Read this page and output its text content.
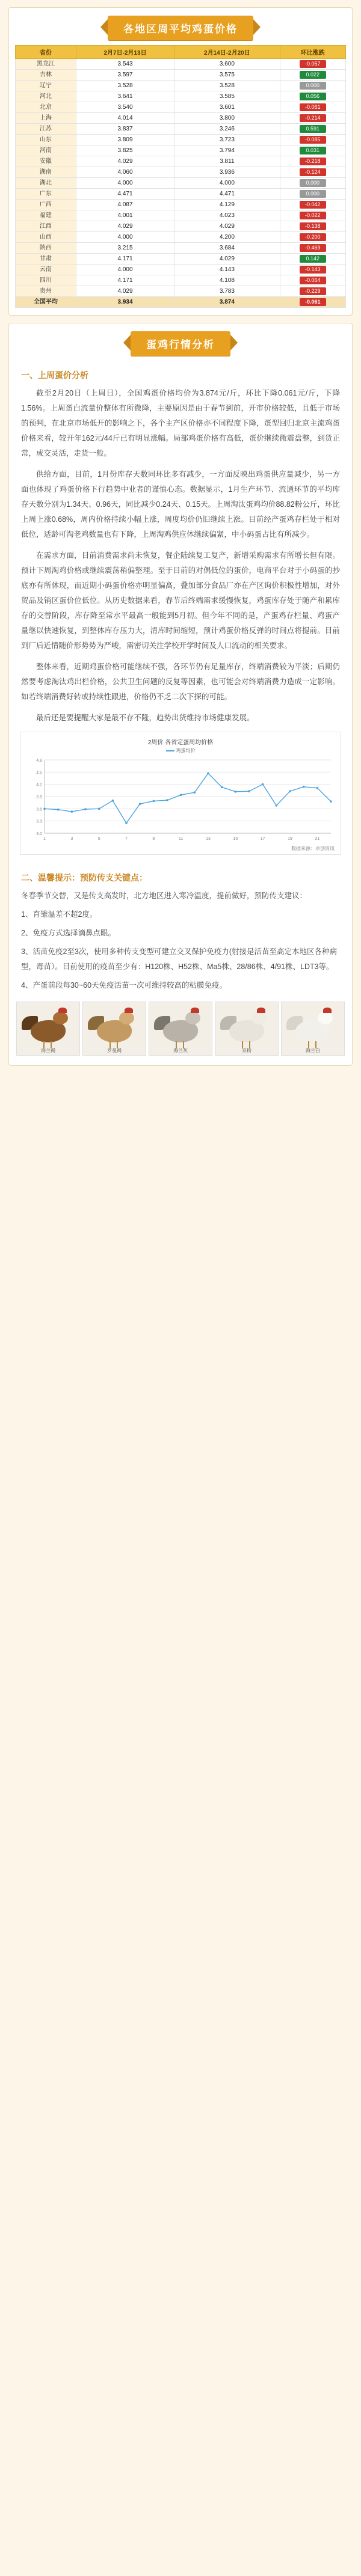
各地区周平均鸡蛋价格
省份	2月7日-2月13日	2月14日-2月20日	环比涨跌
黑龙江	3.543	3.600	-0.057
吉林	3.597	3.575	0.022
辽宁	3.528	3.528	0.000
河北	3.641	3.585	0.056
北京	3.540	3.601	-0.061
上海	4.014	3.800	-0.214
江苏	3.837	3.246	0.591
山东	3.809	3.723	-0.085
河南	3.825	3.794	0.031
安徽	4.029	3.811	-0.218
湖南	4.060	3.936	-0.124
湖北	4.000	4.000	0.000
广东	4.471	4.471	0.000
广西	4.087	4.129	-0.042
福建	4.001	4.023	-0.022
江西	4.029	4.029	-0.138
山西	4.000	4.200	-0.200
陕西	3.215	3.684	-0.469
甘肃	4.171	4.029	0.142
云南	4.000	4.143	-0.143
四川	4.171	4.108	-0.064
贵州	4.029	3.783	-0.229
全国平均	3.934	3.874	-0.061
蛋鸡行情分析
一、上周蛋价分析

截至2月20日（上周日），全国鸡蛋价格均价为3.874元/斤，环比下降0.061元/斤，下降1.56%。上周蛋白流量价整体有所微降，主要原因是由于春节到前，开市价格较低，且低于市场的预判，在北京市场低开的影响之下，各个主产区价格亦不同程度下降，蛋型回归北京主流鸡蛋价格来看，较开年162元/44斤已有明显涨幅。局部鸡蛋价格有高低，蛋价继续微震盘整，到货正常，成交灵活，走货一般。

供给方面，目前，1月份库存天数同环比多有减少，一方面反映出鸡蛋供应量减少，另一方面也体现了鸡蛋价格下行趋势中业者的谨慎心态。数据显示，1月生产环节、流通环节的平均库存天数分别为1.34天、0.96天，同比减少0.24天、0.15天。上周淘汰蛋鸡均价88.82粉公斤，环比上周上涨0.68%，周内价格持续小幅上涨，周度均价仍旧继续上涨。目前经产蛋鸡存栏处于相对低位，适龄可淘老鸡数量也有下降，上周淘鸡供应体继续偏紧，中小码蛋占比有所减少。

在需求方面，目前消费需求尚未恢复，餐企陆续复工复产，新增采购需求有所增长但有限。预计下周淘鸡价格或继续震荡稍偏整理。至于目前的对偶低位的蛋价，电商平台对于小码蛋的抄底亦有所休现，而近期小码蛋价格亦明显偏高，叠加部分食品厂亦在产区询价积极性增加，对外贸品及销区蛋价位低位。从历史数据来看，春节后终端需求缓慢恢复，鸡蛋库存处于随产和累库存的交替阶段，库存降至常水平最高一般能到5月初。但今年不同的是，产蛋鸡存栏量、鸡蛋产量继以快速恢复，到整体库存压力大，清库时间缩短，预计鸡蛋价格反弹的时间点将提前。目前到厂后近情随价形势势为严峻，需密切关注学校开学时间及人口流动的相关要求。

整体来看，近期鸡蛋价格可能继续不强，各环节仍有足量库存，终端消费较为平淡；后期仍然要考虑淘汰鸡出栏价格，公共卫生问题的反复等因素，也可能会对终端消费力造成一定影响。如若终端消费好转或持续性跟进，价格仍不乏二次下探的可能。

最后还是要提醒大家是最不存不隆，趋势出货维持市场健康发展。

2周价 各省定蛋周均价格
鸡蛋均价
3.0
3.3
3.6
3.9
4.2
4.5
4.8
1	3	5	7	9	11	13	15	17	19	21
数据来源：卓创资讯
二、温馨提示：预防传支关键点：
冬春季节交替，又是传支高发时，北方地区进入寒冷温度，提前做好，预防传支建议：
1、育雏温差不超2度。
2、免疫方式选择滴鼻点眼。
3、活苗免疫2至3次，使用多种传支变型可建立交叉保护免疫力(射接是活苗至高定本地区各种病型，毒苗）。目前使用的疫苗至少有：H120株、H52株、Ma5株、28/86株、4/91株、LDT3等。
4、产蛋前段每30~60天免疫活苗一次可维持较高的粘膜免疫。
海兰褐	罗曼褐	海兰灰	京粉	海兰白
